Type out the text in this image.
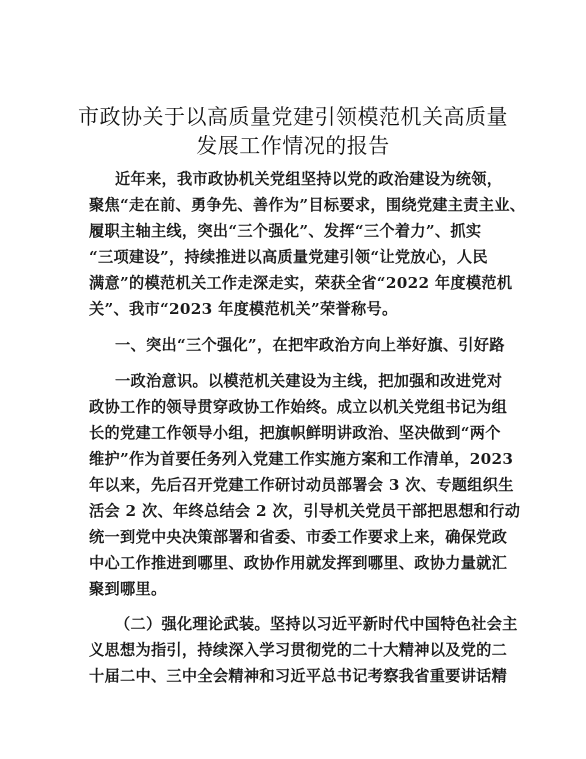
市政协关于以高质量党建引领模范机关高质量
发展工作情况的报告
近年来，我市政协机关党组坚持以党的政治建设为统领，
聚焦“走在前、勇争先、善作为”目标要求，围绕党建主责主业、
履职主轴主线，突出“三个强化”、发挥“三个着力”、抓实
“三项建设”，持续推进以高质量党建引领“让党放心，人民
满意”的模范机关工作走深走实，荣获全省“2022 年度模范机
关”、我市“2023 年度模范机关”荣誉称号。
一、突出“三个强化”，在把牢政治方向上举好旗、引好路
一政治意识。以模范机关建设为主线，把加强和改进党对
政协工作的领导贯穿政协工作始终。成立以机关党组书记为组
长的党建工作领导小组，把旗帜鲜明讲政治、坚决做到“两个
维护”作为首要任务列入党建工作实施方案和工作清单，2023
年以来，先后召开党建工作研讨动员部署会 3 次、专题组织生
活会 2 次、年终总结会 2 次，引导机关党员干部把思想和行动
统一到党中央决策部署和省委、市委工作要求上来，确保党政
中心工作推进到哪里、政协作用就发挥到哪里、政协力量就汇
聚到哪里。
（二）强化理论武装。坚持以习近平新时代中国特色社会主
义思想为指引，持续深入学习贯彻党的二十大精神以及党的二
十届二中、三中全会精神和习近平总书记考察我省重要讲话精
